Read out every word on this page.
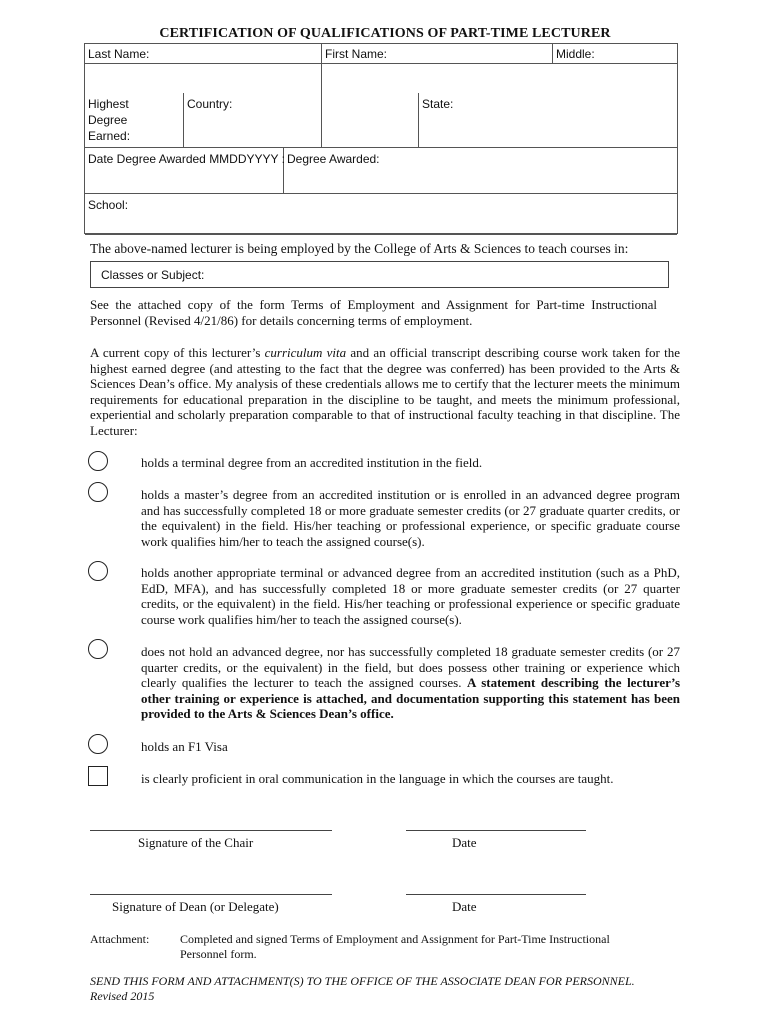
CERTIFICATION OF QUALIFICATIONS OF PART-TIME LECTURER
Last Name:	First Name:	Middle:
Highest
Degree
Earned:
Country:	State:
Date Degree Awarded MMDDYYYY : Degree Awarded:
School:

The above-named lecturer is being employed by the College of Arts & Sciences to teach courses in:

Classes or Subject:

See the attached copy of the form Terms of Employment and Assignment for Part-time Instructional Personnel (Revised 4/21/86) for details concerning terms of employment.

A current copy of this lecturer’s curriculum vita and an official transcript describing course work taken for the highest earned degree (and attesting to the fact that the degree was conferred) has been provided to the Arts & Sciences Dean’s office. My analysis of these credentials allows me to certify that the lecturer meets the minimum requirements for educational preparation in the discipline to be taught, and meets the minimum professional, experiential and scholarly preparation comparable to that of instructional faculty teaching in that discipline. The Lecturer:

holds a terminal degree from an accredited institution in the field.

holds a master’s degree from an accredited institution or is enrolled in an advanced degree program and has successfully completed 18 or more graduate semester credits (or 27 graduate quarter credits, or the equivalent) in the field. His/her teaching or professional experience, or specific graduate course work qualifies him/her to teach the assigned course(s).

holds another appropriate terminal or advanced degree from an accredited institution (such as a PhD, EdD, MFA), and has successfully completed 18 or more graduate semester credits (or 27 quarter credits, or the equivalent) in the field. His/her teaching or professional experience or specific graduate course work qualifies him/her to teach the assigned course(s).

does not hold an advanced degree, nor has successfully completed 18 graduate semester credits (or 27 quarter credits, or the equivalent) in the field, but does possess other training or experience which clearly qualifies the lecturer to teach the assigned courses. A statement describing the lecturer’s other training or experience is attached, and documentation supporting this statement has been provided to the Arts & Sciences Dean’s office.

holds an F1 Visa

is clearly proficient in oral communication in the language in which the courses are taught.

Signature of the Chair	Date
Signature of Dean (or Delegate)	Date
Attachment:	Completed and signed Terms of Employment and Assignment for Part-Time Instructional
Personnel form.
SEND THIS FORM AND ATTACHMENT(S) TO THE OFFICE OF THE ASSOCIATE DEAN FOR PERSONNEL.
Revised 2015
